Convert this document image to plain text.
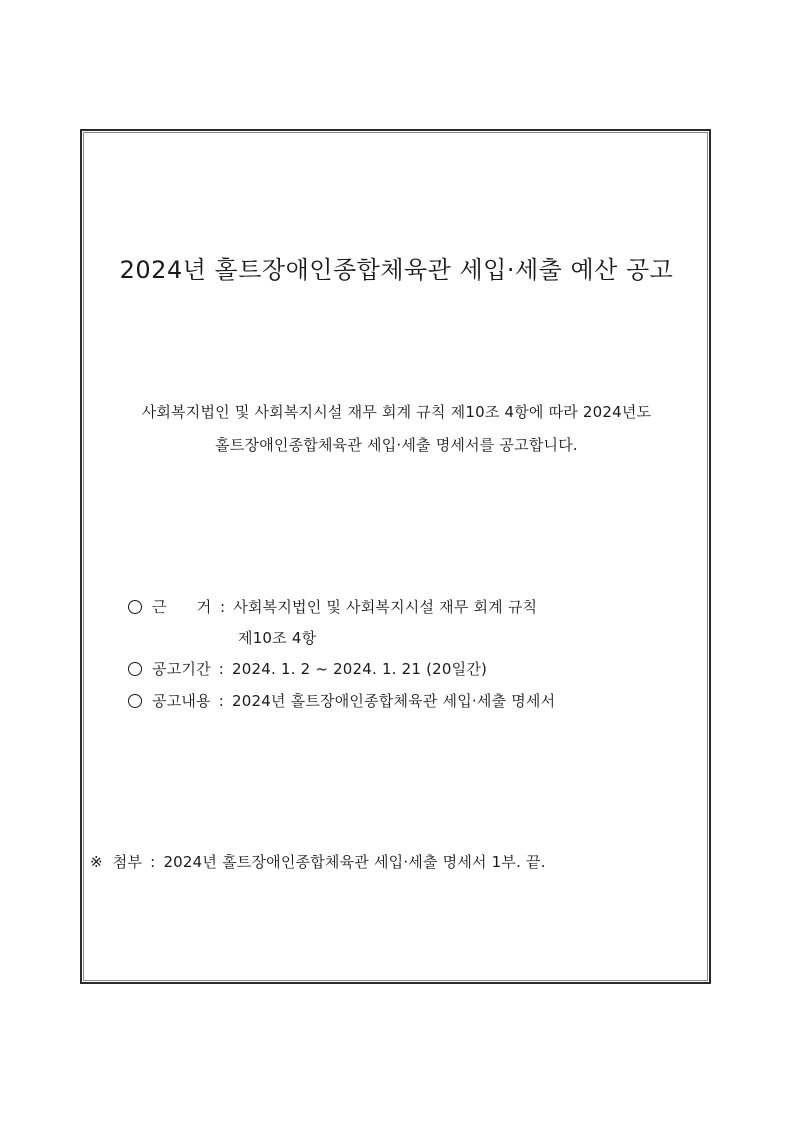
2024년 홀트장애인종합체육관 세입·세출 예산 공고
사회복지법인 및 사회복지시설 재무 회계 규칙 제10조 4항에 따라 2024년도
홀트장애인종합체육관 세입·세출 명세서를 공고합니다.
근 거 : 사회복지법인 및 사회복지시설 재무 회계 규칙
제10조 4항
공고기간 : 2024. 1. 2 ~ 2024. 1. 21 (20일간)
공고내용 : 2024년 홀트장애인종합체육관 세입·세출 명세서
※ 첨부 : 2024년 홀트장애인종합체육관 세입·세출 명세서 1부. 끝.
